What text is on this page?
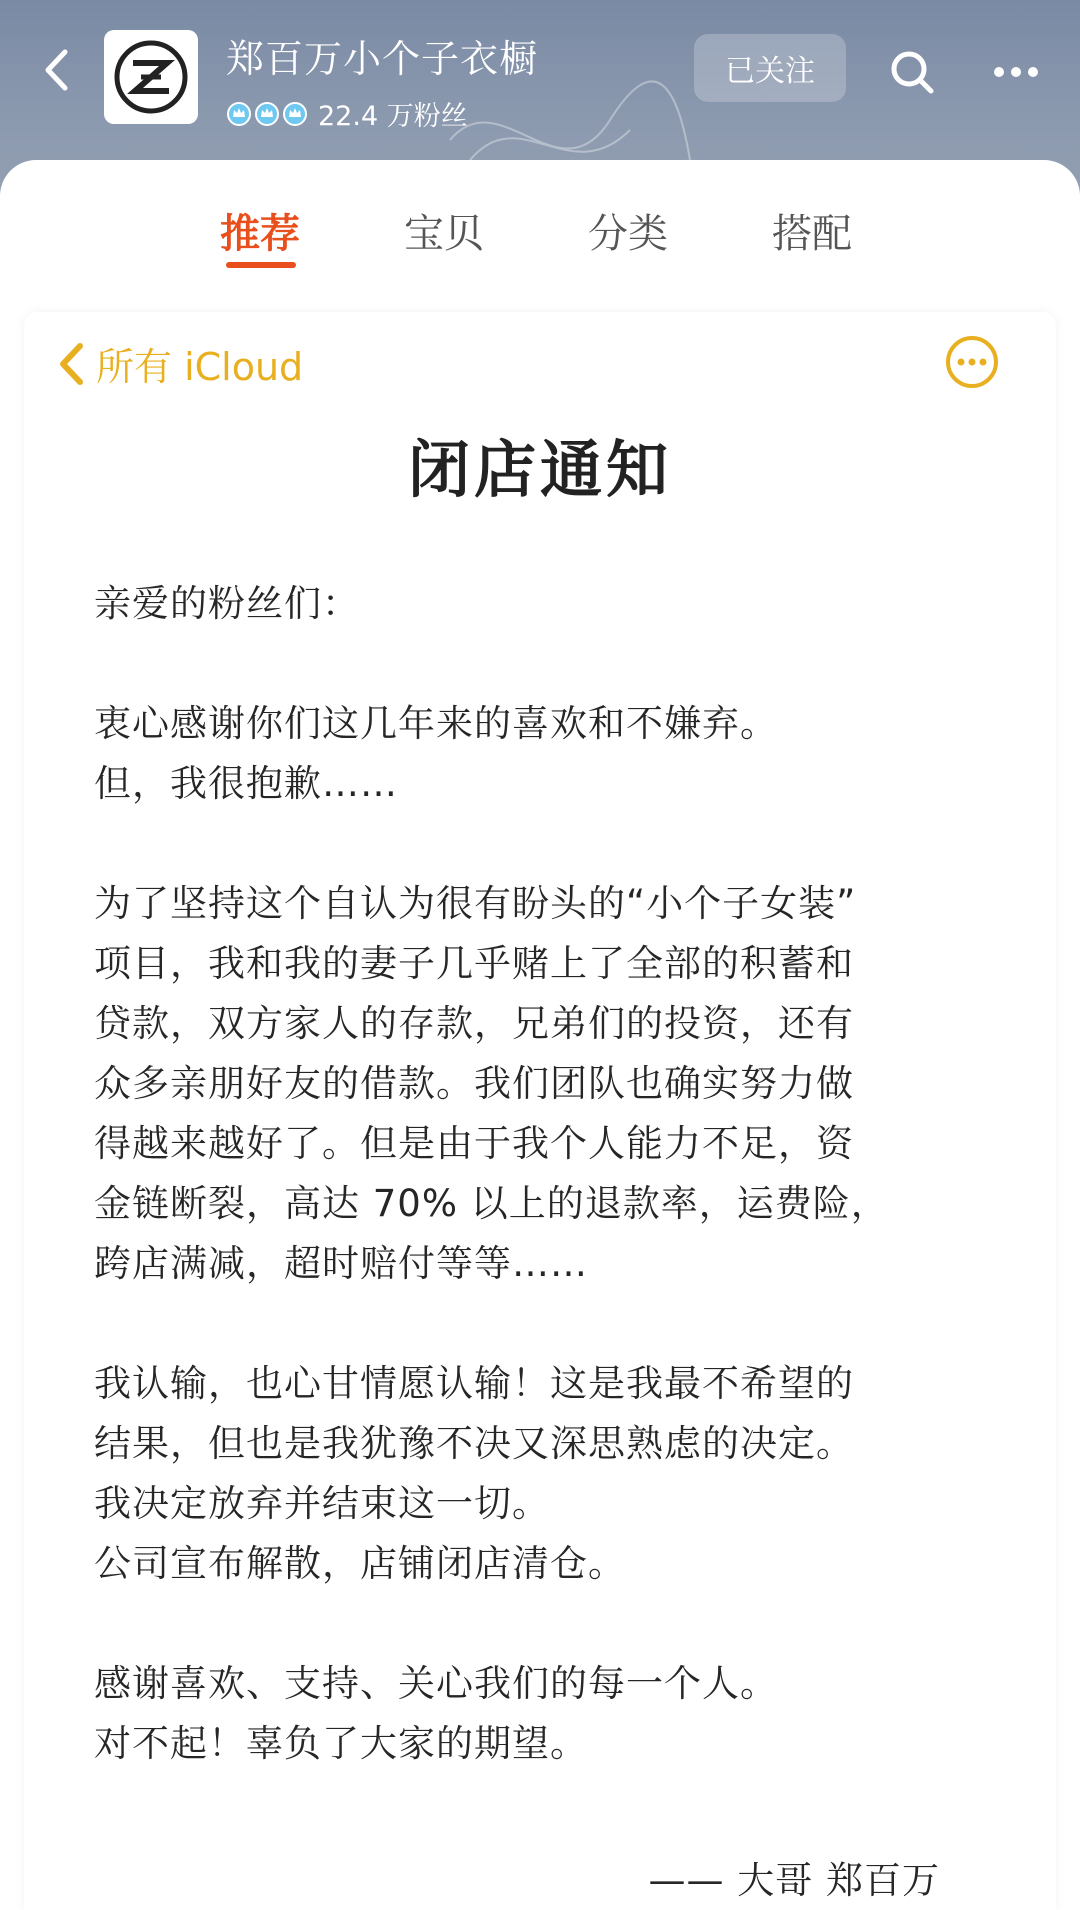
郑百万小个子衣橱
22.4 万粉丝
已关注
推荐	宝贝	分类	搭配
所有 iCloud
闭店通知

亲爱的粉丝们：

衷心感谢你们这几年来的喜欢和不嫌弃。

但，我很抱歉……

为了坚持这个自认为很有盼头的“小个子女装”

项目，我和我的妻子几乎赌上了全部的积蓄和

贷款，双方家人的存款，兄弟们的投资，还有

众多亲朋好友的借款。我们团队也确实努力做

得越来越好了。但是由于我个人能力不足，资

金链断裂，高达 70% 以上的退款率，运费险，

跨店满减，超时赔付等等……

我认输，也心甘情愿认输！这是我最不希望的

结果，但也是我犹豫不决又深思熟虑的决定。

我决定放弃并结束这一切。

公司宣布解散，店铺闭店清仓。

感谢喜欢、支持、关心我们的每一个人。

对不起！辜负了大家的期望。

—— 大哥 郑百万
